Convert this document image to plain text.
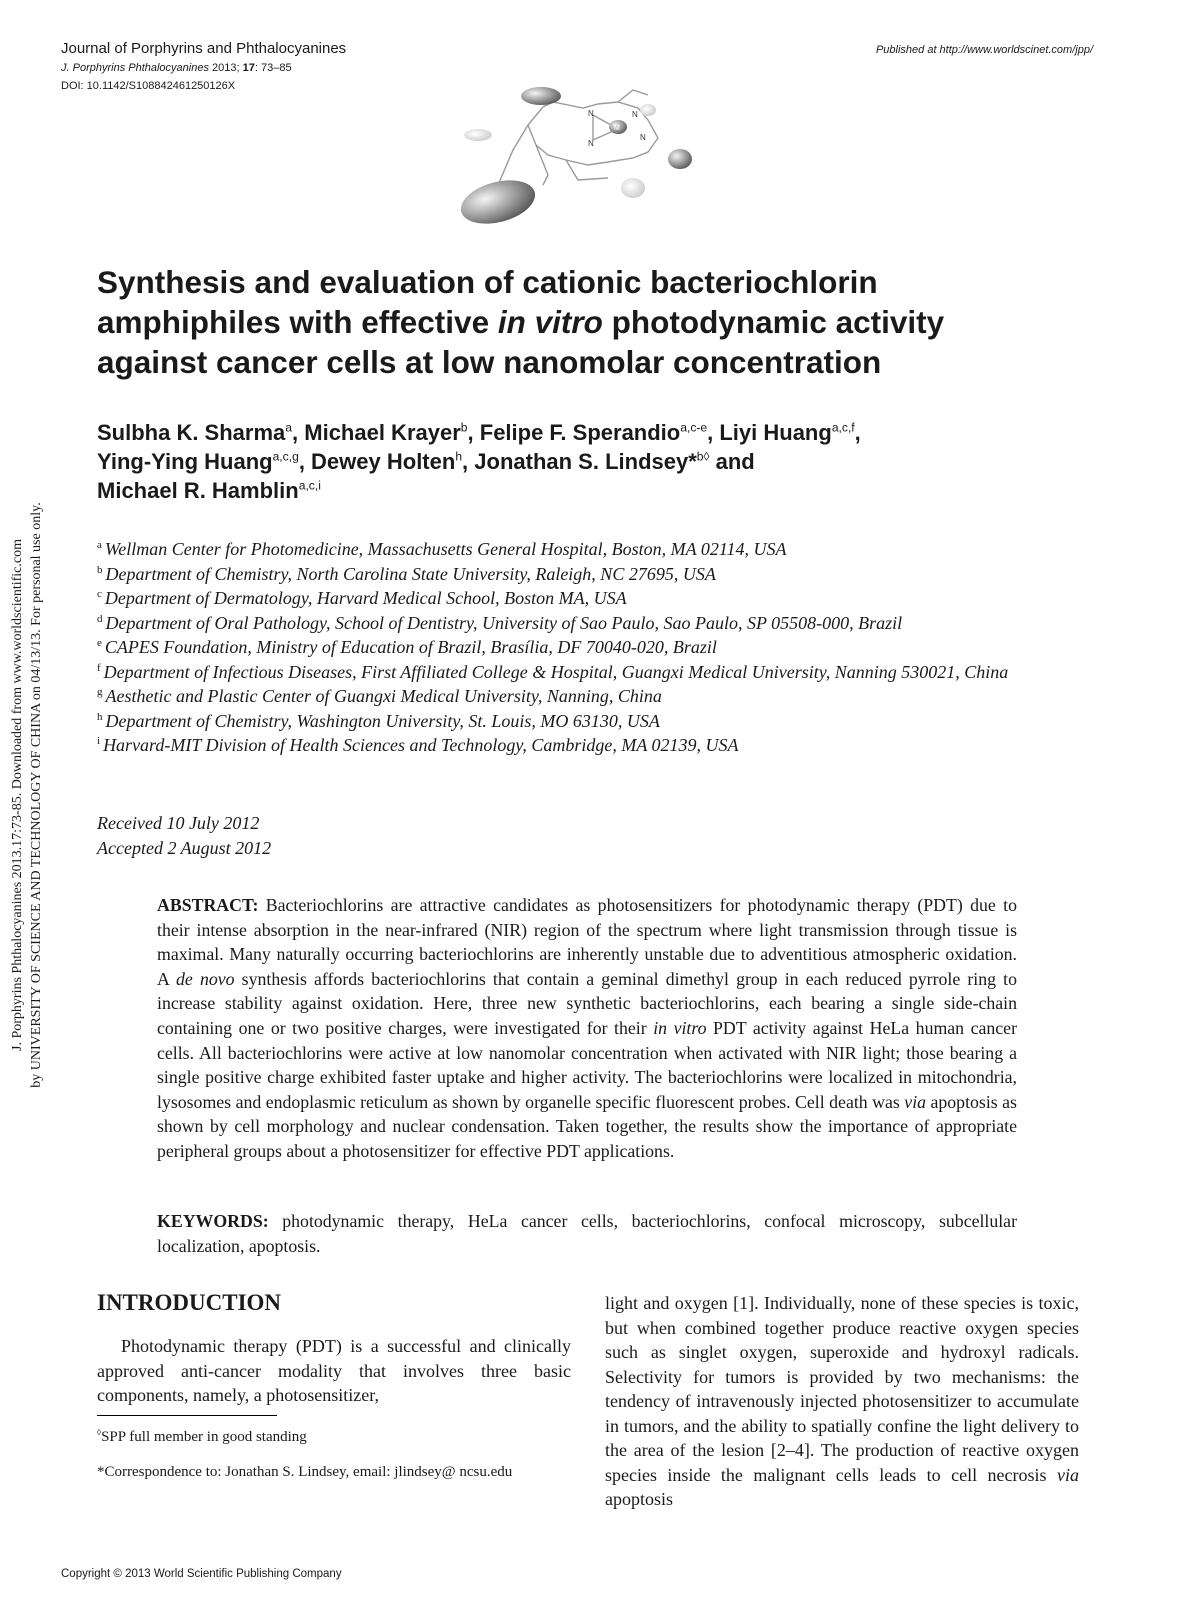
Journal of Porphyrins and Phthalocyanines
J. Porphyrins Phthalocyanines 2013; 17: 73–85
DOI: 10.1142/S108842461250126X
Published at http://www.worldscinet.com/jpp/
N	N
N
N
M

Synthesis and evaluation of cationic bacteriochlorin

amphiphiles with effective in vitro photodynamic activity

against cancer cells at low nanomolar concentration

Sulbha K. Sharma$^a$, Michael Krayer$^b$, Felipe F. Sperandio$^{a,c-e}$, Liyi Huang$^{a,c,f}$,

Ying-Ying Huang$^{a,c,g}$, Dewey Holten$^h$, Jonathan S. Lindsey*$^{b◊}$ and

Michael R. Hamblin$^{a,c,i}$

$^a$ Wellman Center for Photomedicine, Massachusetts General Hospital, Boston, MA 02114, USA

$^b$ Department of Chemistry, North Carolina State University, Raleigh, NC 27695, USA

$^c$ Department of Dermatology, Harvard Medical School, Boston MA, USA

$^d$ Department of Oral Pathology, School of Dentistry, University of Sao Paulo, Sao Paulo, SP 05508-000, Brazil

$^e$ CAPES Foundation, Ministry of Education of Brazil, Brasília, DF 70040-020, Brazil

$^f$ Department of Infectious Diseases, First Affiliated College & Hospital, Guangxi Medical University, Nanning 530021, China

$^g$ Aesthetic and Plastic Center of Guangxi Medical University, Nanning, China

$^h$ Department of Chemistry, Washington University, St. Louis, MO 63130, USA

$^i$ Harvard-MIT Division of Health Sciences and Technology, Cambridge, MA 02139, USA

Received 10 July 2012

Accepted 2 August 2012

ABSTRACT: Bacteriochlorins are attractive candidates as photosensitizers for photodynamic therapy (PDT) due to their intense absorption in the near-infrared (NIR) region of the spectrum where light transmission through tissue is maximal. Many naturally occurring bacteriochlorins are inherently unstable due to adventitious atmospheric oxidation. A de novo synthesis affords bacteriochlorins that contain a geminal dimethyl group in each reduced pyrrole ring to increase stability against oxidation. Here, three new synthetic bacteriochlorins, each bearing a single side-chain containing one or two positive charges, were investigated for their in vitro PDT activity against HeLa human cancer cells. All bacteriochlorins were active at low nanomolar concentration when activated with NIR light; those bearing a single positive charge exhibited faster uptake and higher activity. The bacteriochlorins were localized in mitochondria, lysosomes and endoplasmic reticulum as shown by organelle specific fluorescent probes. Cell death was via apoptosis as shown by cell morphology and nuclear condensation. Taken together, the results show the importance of appropriate peripheral groups about a photosensitizer for effective PDT applications.

KEYWORDS: photodynamic therapy, HeLa cancer cells, bacteriochlorins, confocal microscopy, subcellular localization, apoptosis.

INTRODUCTION

Photodynamic therapy (PDT) is a successful and clinically approved anti-cancer modality that involves three basic components, namely, a photosensitizer,

light and oxygen [1]. Individually, none of these species is toxic, but when combined together produce reactive oxygen species such as singlet oxygen, superoxide and hydroxyl radicals. Selectivity for tumors is provided by two mechanisms: the tendency of intravenously injected photosensitizer to accumulate in tumors, and the ability to spatially confine the light delivery to the area of the lesion [2–4]. The production of reactive oxygen species inside the malignant cells leads to cell necrosis via apoptosis

◊SPP full member in good standing
*Correspondence to: Jonathan S. Lindsey, email: jlindsey@ ncsu.edu
Copyright © 2013 World Scientific Publishing Company

J. Porphyrins Phthalocyanines 2013.17:73-85. Downloaded from www.worldscientific.com by UNIVERSITY OF SCIENCE AND TECHNOLOGY OF CHINA on 04/13/13. For personal use only.
